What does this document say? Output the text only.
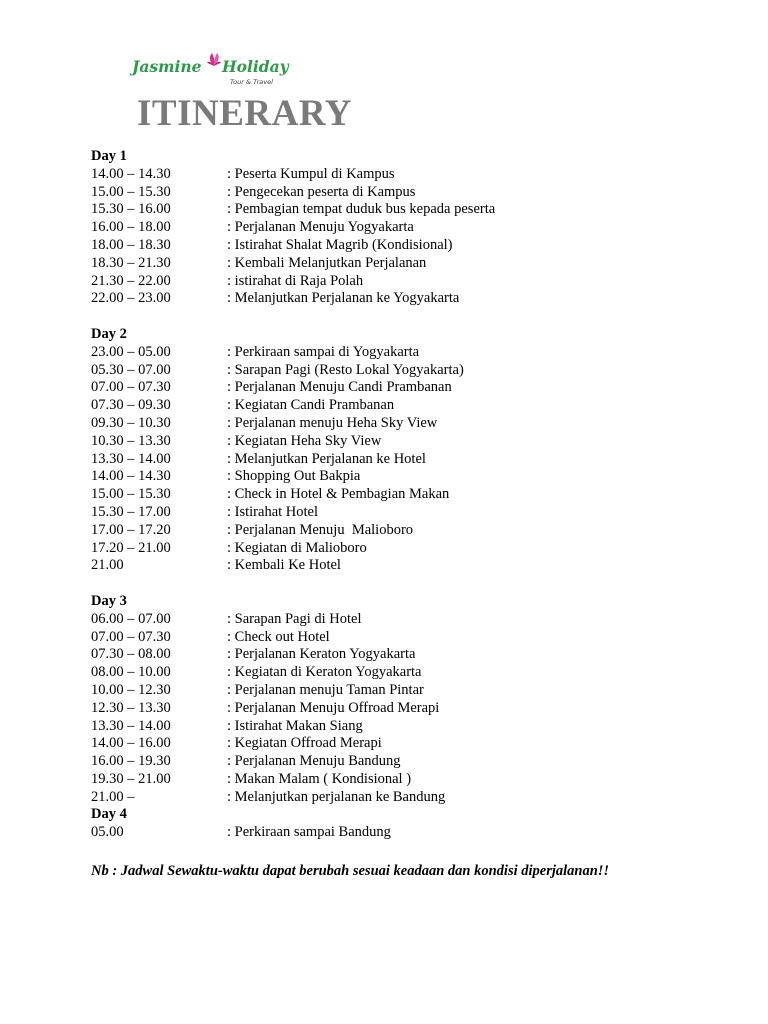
Jasmine Holiday
Tour & Travel
ITINERARY
Day 1
14.00 – 14.30	: Peserta Kumpul di Kampus
15.00 – 15.30	: Pengecekan peserta di Kampus
15.30 – 16.00	: Pembagian tempat duduk bus kepada peserta
16.00 – 18.00	: Perjalanan Menuju Yogyakarta
18.00 – 18.30	: Istirahat Shalat Magrib (Kondisional)
18.30 – 21.30	: Kembali Melanjutkan Perjalanan
21.30 – 22.00	: istirahat di Raja Polah
22.00 – 23.00	: Melanjutkan Perjalanan ke Yogyakarta
Day 2
23.00 – 05.00	: Perkiraan sampai di Yogyakarta
05.30 – 07.00	: Sarapan Pagi (Resto Lokal Yogyakarta)
07.00 – 07.30	: Perjalanan Menuju Candi Prambanan
07.30 – 09.30	: Kegiatan Candi Prambanan
09.30 – 10.30	: Perjalanan menuju Heha Sky View
10.30 – 13.30	: Kegiatan Heha Sky View
13.30 – 14.00	: Melanjutkan Perjalanan ke Hotel
14.00 – 14.30	: Shopping Out Bakpia
15.00 – 15.30	: Check in Hotel & Pembagian Makan
15.30 – 17.00	: Istirahat Hotel
17.00 – 17.20	: Perjalanan Menuju  Malioboro
17.20 – 21.00	: Kegiatan di Malioboro
21.00	: Kembali Ke Hotel
Day 3
06.00 – 07.00	: Sarapan Pagi di Hotel
07.00 – 07.30	: Check out Hotel
07.30 – 08.00	: Perjalanan Keraton Yogyakarta
08.00 – 10.00	: Kegiatan di Keraton Yogyakarta
10.00 – 12.30	: Perjalanan menuju Taman Pintar
12.30 – 13.30	: Perjalanan Menuju Offroad Merapi
13.30 – 14.00	: Istirahat Makan Siang
14.00 – 16.00	: Kegiatan Offroad Merapi
16.00 – 19.30	: Perjalanan Menuju Bandung
19.30 – 21.00	: Makan Malam ( Kondisional )
21.00 –	: Melanjutkan perjalanan ke Bandung
Day 4
05.00	: Perkiraan sampai Bandung

Nb : Jadwal Sewaktu-waktu dapat berubah sesuai keadaan dan kondisi diperjalanan!!
